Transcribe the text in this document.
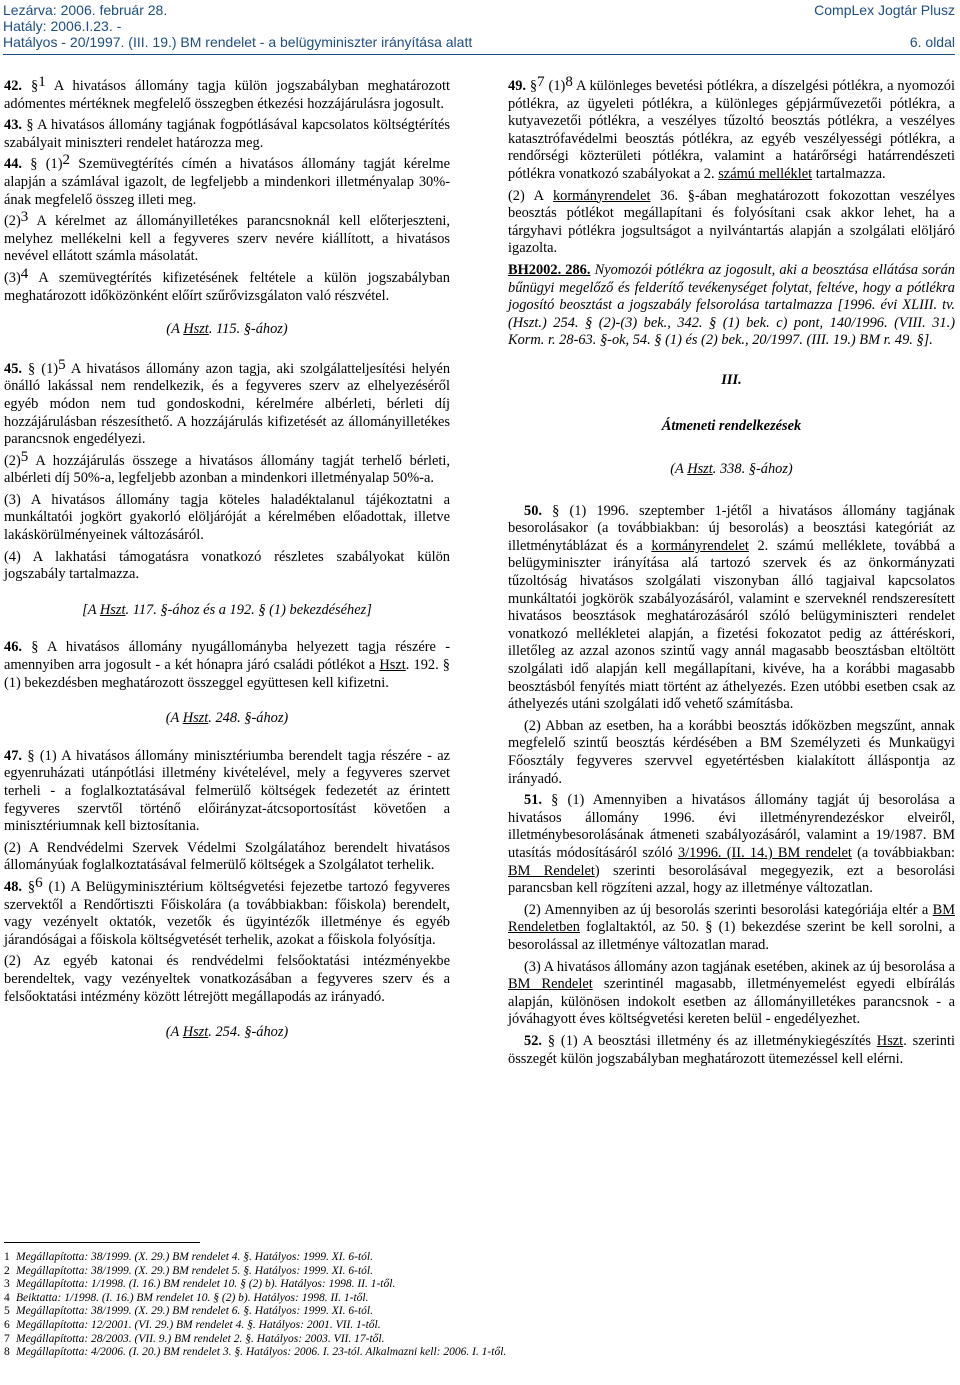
Lezárva: 2006. február 28.
Hatály: 2006.I.23. -
Hatályos - 20/1997. (III. 19.) BM rendelet - a belügyminiszter irányítása alatt
CompLex Jogtár Plusz
6. oldal

42. §$^1$ A hivatásos állomány tagja külön jogszabályban meghatározott adómentes mértéknek megfelelő összegben étkezési hozzájárulásra jogosult.

43. § A hivatásos állomány tagjának fogpótlásával kapcsolatos költségtérítés szabályait miniszteri rendelet határozza meg.

44. § (1)$^2$ Szemüvegtérítés címén a hivatásos állomány tagját kérelme alapján a számlával igazolt, de legfeljebb a mindenkori illetményalap 30%-ának megfelelő összeg illeti meg.

(2)$^3$ A kérelmet az állományilletékes parancsnoknál kell előterjeszteni, melyhez mellékelni kell a fegyveres szerv nevére kiállított, a hivatásos nevével ellátott számla másolatát.

(3)$^4$ A szemüvegtérítés kifizetésének feltétele a külön jogszabályban meghatározott időközönként előírt szűrővizsgálaton való részvétel.

(A Hszt. 115. §-ához)

45. § (1)$^5$ A hivatásos állomány azon tagja, aki szolgálatteljesítési helyén önálló lakással nem rendelkezik, és a fegyveres szerv az elhelyezéséről egyéb módon nem tud gondoskodni, kérelmére albérleti, bérleti díj hozzájárulásban részesíthető. A hozzájárulás kifizetését az állományilletékes parancsnok engedélyezi.

(2)$^5$ A hozzájárulás összege a hivatásos állomány tagját terhelő bérleti, albérleti díj 50%-a, legfeljebb azonban a mindenkori illetményalap 50%-a.

(3) A hivatásos állomány tagja köteles haladéktalanul tájékoztatni a munkáltatói jogkört gyakorló elöljáróját a kérelmében előadottak, illetve lakáskörülményeinek változásáról.

(4) A lakhatási támogatásra vonatkozó részletes szabályokat külön jogszabály tartalmazza.

[A Hszt. 117. §-ához és a 192. § (1) bekezdéséhez]

46. § A hivatásos állomány nyugállományba helyezett tagja részére - amennyiben arra jogosult - a két hónapra járó családi pótlékot a Hszt. 192. § (1) bekezdésben meghatározott összeggel együttesen kell kifizetni.

(A Hszt. 248. §-ához)

47. § (1) A hivatásos állomány minisztériumba berendelt tagja részére - az egyenruházati utánpótlási illetmény kivételével, mely a fegyveres szervet terheli - a foglalkoztatásával felmerülő költségek fedezetét az érintett fegyveres szervtől történő előirányzat-átcsoportosítást követően a minisztériumnak kell biztosítania.

(2) A Rendvédelmi Szervek Védelmi Szolgálatához berendelt hivatásos állományúak foglalkoztatásával felmerülő költségek a Szolgálatot terhelik.

48. §$^6$ (1) A Belügyminisztérium költségvetési fejezetbe tartozó fegyveres szervektől a Rendőrtiszti Főiskolára (a továbbiakban: főiskola) berendelt, vagy vezényelt oktatók, vezetők és ügyintézők illetménye és egyéb járandóságai a főiskola költségvetését terhelik, azokat a főiskola folyósítja.

(2) Az egyéb katonai és rendvédelmi felsőoktatási intézményekbe berendeltek, vagy vezényeltek vonatkozásában a fegyveres szerv és a felsőoktatási intézmény között létrejött megállapodás az irányadó.

(A Hszt. 254. §-ához)

49. §$^7$ (1)$^8$ A különleges bevetési pótlékra, a díszelgési pótlékra, a nyomozói pótlékra, az ügyeleti pótlékra, a különleges gépjárművezetői pótlékra, a kutyavezetői pótlékra, a veszélyes tűzoltó beosztás pótlékra, a veszélyes katasztrófavédelmi beosztás pótlékra, az egyéb veszélyességi pótlékra, a rendőrségi közterületi pótlékra, valamint a határőrségi határrendészeti pótlékra vonatkozó szabályokat a 2. számú melléklet tartalmazza.

(2) A kormányrendelet 36. §-ában meghatározott fokozottan veszélyes beosztás pótlékot megállapítani és folyósítani csak akkor lehet, ha a tárgyhavi pótlékra jogsultságot a nyilvántartás alapján a szolgálati elöljáró igazolta.

BH2002. 286. Nyomozói pótlékra az jogosult, aki a beosztása ellátása során bűnügyi megelőző és felderítő tevékenységet folytat, feltéve, hogy a pótlékra jogosító beosztást a jogszabály felsorolása tartalmazza [1996. évi XLIII. tv. (Hszt.) 254. § (2)-(3) bek., 342. § (1) bek. c) pont, 140/1996. (VIII. 31.) Korm. r. 28-63. §-ok, 54. § (1) és (2) bek., 20/1997. (III. 19.) BM r. 49. §].

III.

Átmeneti rendelkezések

(A Hszt. 338. §-ához)

50. § (1) 1996. szeptember 1-jétől a hivatásos állomány tagjának besorolásakor (a továbbiakban: új besorolás) a beosztási kategóriát az illetménytáblázat és a kormányrendelet 2. számú melléklete, továbbá a belügyminiszter irányítása alá tartozó szervek és az önkormányzati tűzoltóság hivatásos szolgálati viszonyban álló tagjaival kapcsolatos munkáltatói jogkörök szabályozásáról, valamint e szerveknél rendszeresített hivatásos beosztások meghatározásáról szóló belügyminiszteri rendelet vonatkozó mellékletei alapján, a fizetési fokozatot pedig az áttéréskori, illetőleg az azzal azonos szintű vagy annál magasabb beosztásban eltöltött szolgálati idő alapján kell megállapítani, kivéve, ha a korábbi magasabb beosztásból fenyítés miatt történt az áthelyezés. Ezen utóbbi esetben csak az áthelyezés utáni szolgálati idő vehető számításba.

(2) Abban az esetben, ha a korábbi beosztás időközben megszűnt, annak megfelelő szintű beosztás kérdésében a BM Személyzeti és Munkaügyi Főosztály fegyveres szervvel egyetértésben kialakított álláspontja az irányadó.

51. § (1) Amennyiben a hivatásos állomány tagját új besorolása a hivatásos állomány 1996. évi illetményrendezéskor elveiről, illetménybesorolásának átmeneti szabályozásáról, valamint a 19/1987. BM utasítás módosításáról szóló 3/1996. (II. 14.) BM rendelet (a továbbiakban: BM Rendelet) szerinti besorolásával megegyezik, ezt a besorolási parancsban kell rögzíteni azzal, hogy az illetménye változatlan.

(2) Amennyiben az új besorolás szerinti besorolási kategóriája eltér a BM Rendeletben foglaltaktól, az 50. § (1) bekezdése szerint be kell sorolni, a besorolással az illetménye változatlan marad.

(3) A hivatásos állomány azon tagjának esetében, akinek az új besorolása a BM Rendelet szerintinél magasabb, illetményemelést egyedi elbírálás alapján, különösen indokolt esetben az állományilletékes parancsnok - a jóváhagyott éves költségvetési kereten belül - engedélyezhet.

52. § (1) A beosztási illetmény és az illetménykiegészítés Hszt. szerinti összegét külön jogszabályban meghatározott ütemezéssel kell elérni.

1 Megállapította: 38/1999. (X. 29.) BM rendelet 4. §. Hatályos: 1999. XI. 6-tól.
2 Megállapította: 38/1999. (X. 29.) BM rendelet 5. §. Hatályos: 1999. XI. 6-tól.
3 Megállapította: 1/1998. (I. 16.) BM rendelet 10. § (2) b). Hatályos: 1998. II. 1-től.
4 Beiktatta: 1/1998. (I. 16.) BM rendelet 10. § (2) b). Hatályos: 1998. II. 1-től.
5 Megállapította: 38/1999. (X. 29.) BM rendelet 6. §. Hatályos: 1999. XI. 6-tól.
6 Megállapította: 12/2001. (VI. 29.) BM rendelet 4. §. Hatályos: 2001. VII. 1-től.
7 Megállapította: 28/2003. (VII. 9.) BM rendelet 2. §. Hatályos: 2003. VII. 17-től.
8 Megállapította: 4/2006. (I. 20.) BM rendelet 3. §. Hatályos: 2006. I. 23-tól. Alkalmazni kell: 2006. I. 1-től.
